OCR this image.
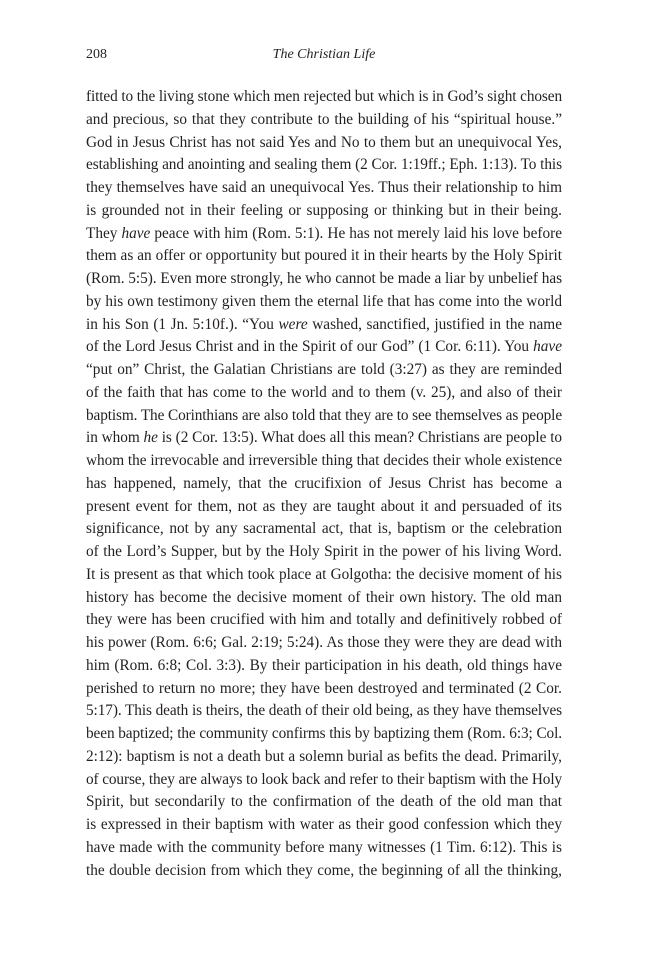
208	The Christian Life
fitted to the living stone which men rejected but which is in God’s sight chosen
and precious, so that they contribute to the building of his “spiritual house.”
God in Jesus Christ has not said Yes and No to them but an unequivocal Yes,
establishing and anointing and sealing them (2 Cor. 1:19ff.; Eph. 1:13). To this
they themselves have said an unequivocal Yes. Thus their relationship to him
is grounded not in their feeling or supposing or thinking but in their being.
They have peace with him (Rom. 5:1). He has not merely laid his love before
them as an offer or opportunity but poured it in their hearts by the Holy Spirit
(Rom. 5:5). Even more strongly, he who cannot be made a liar by unbelief has
by his own testimony given them the eternal life that has come into the world
in his Son (1 Jn. 5:10f.). “You were washed, sanctified, justified in the name
of the Lord Jesus Christ and in the Spirit of our God” (1 Cor. 6:11). You have
“put on” Christ, the Galatian Christians are told (3:27) as they are reminded
of the faith that has come to the world and to them (v. 25), and also of their
baptism. The Corinthians are also told that they are to see themselves as people
in whom he is (2 Cor. 13:5). What does all this mean? Christians are people to
whom the irrevocable and irreversible thing that decides their whole existence
has happened, namely, that the crucifixion of Jesus Christ has become a
present event for them, not as they are taught about it and persuaded of its
significance, not by any sacramental act, that is, baptism or the celebration
of the Lord’s Supper, but by the Holy Spirit in the power of his living Word.
It is present as that which took place at Golgotha: the decisive moment of his
history has become the decisive moment of their own history. The old man
they were has been crucified with him and totally and definitively robbed of
his power (Rom. 6:6; Gal. 2:19; 5:24). As those they were they are dead with
him (Rom. 6:8; Col. 3:3). By their participation in his death, old things have
perished to return no more; they have been destroyed and terminated (2 Cor.
5:17). This death is theirs, the death of their old being, as they have themselves
been baptized; the community confirms this by baptizing them (Rom. 6:3; Col.
2:12): baptism is not a death but a solemn burial as befits the dead. Primarily,
of course, they are always to look back and refer to their baptism with the Holy
Spirit, but secondarily to the confirmation of the death of the old man that
is expressed in their baptism with water as their good confession which they
have made with the community before many witnesses (1 Tim. 6:12). This is
the double decision from which they come, the beginning of all the thinking,
